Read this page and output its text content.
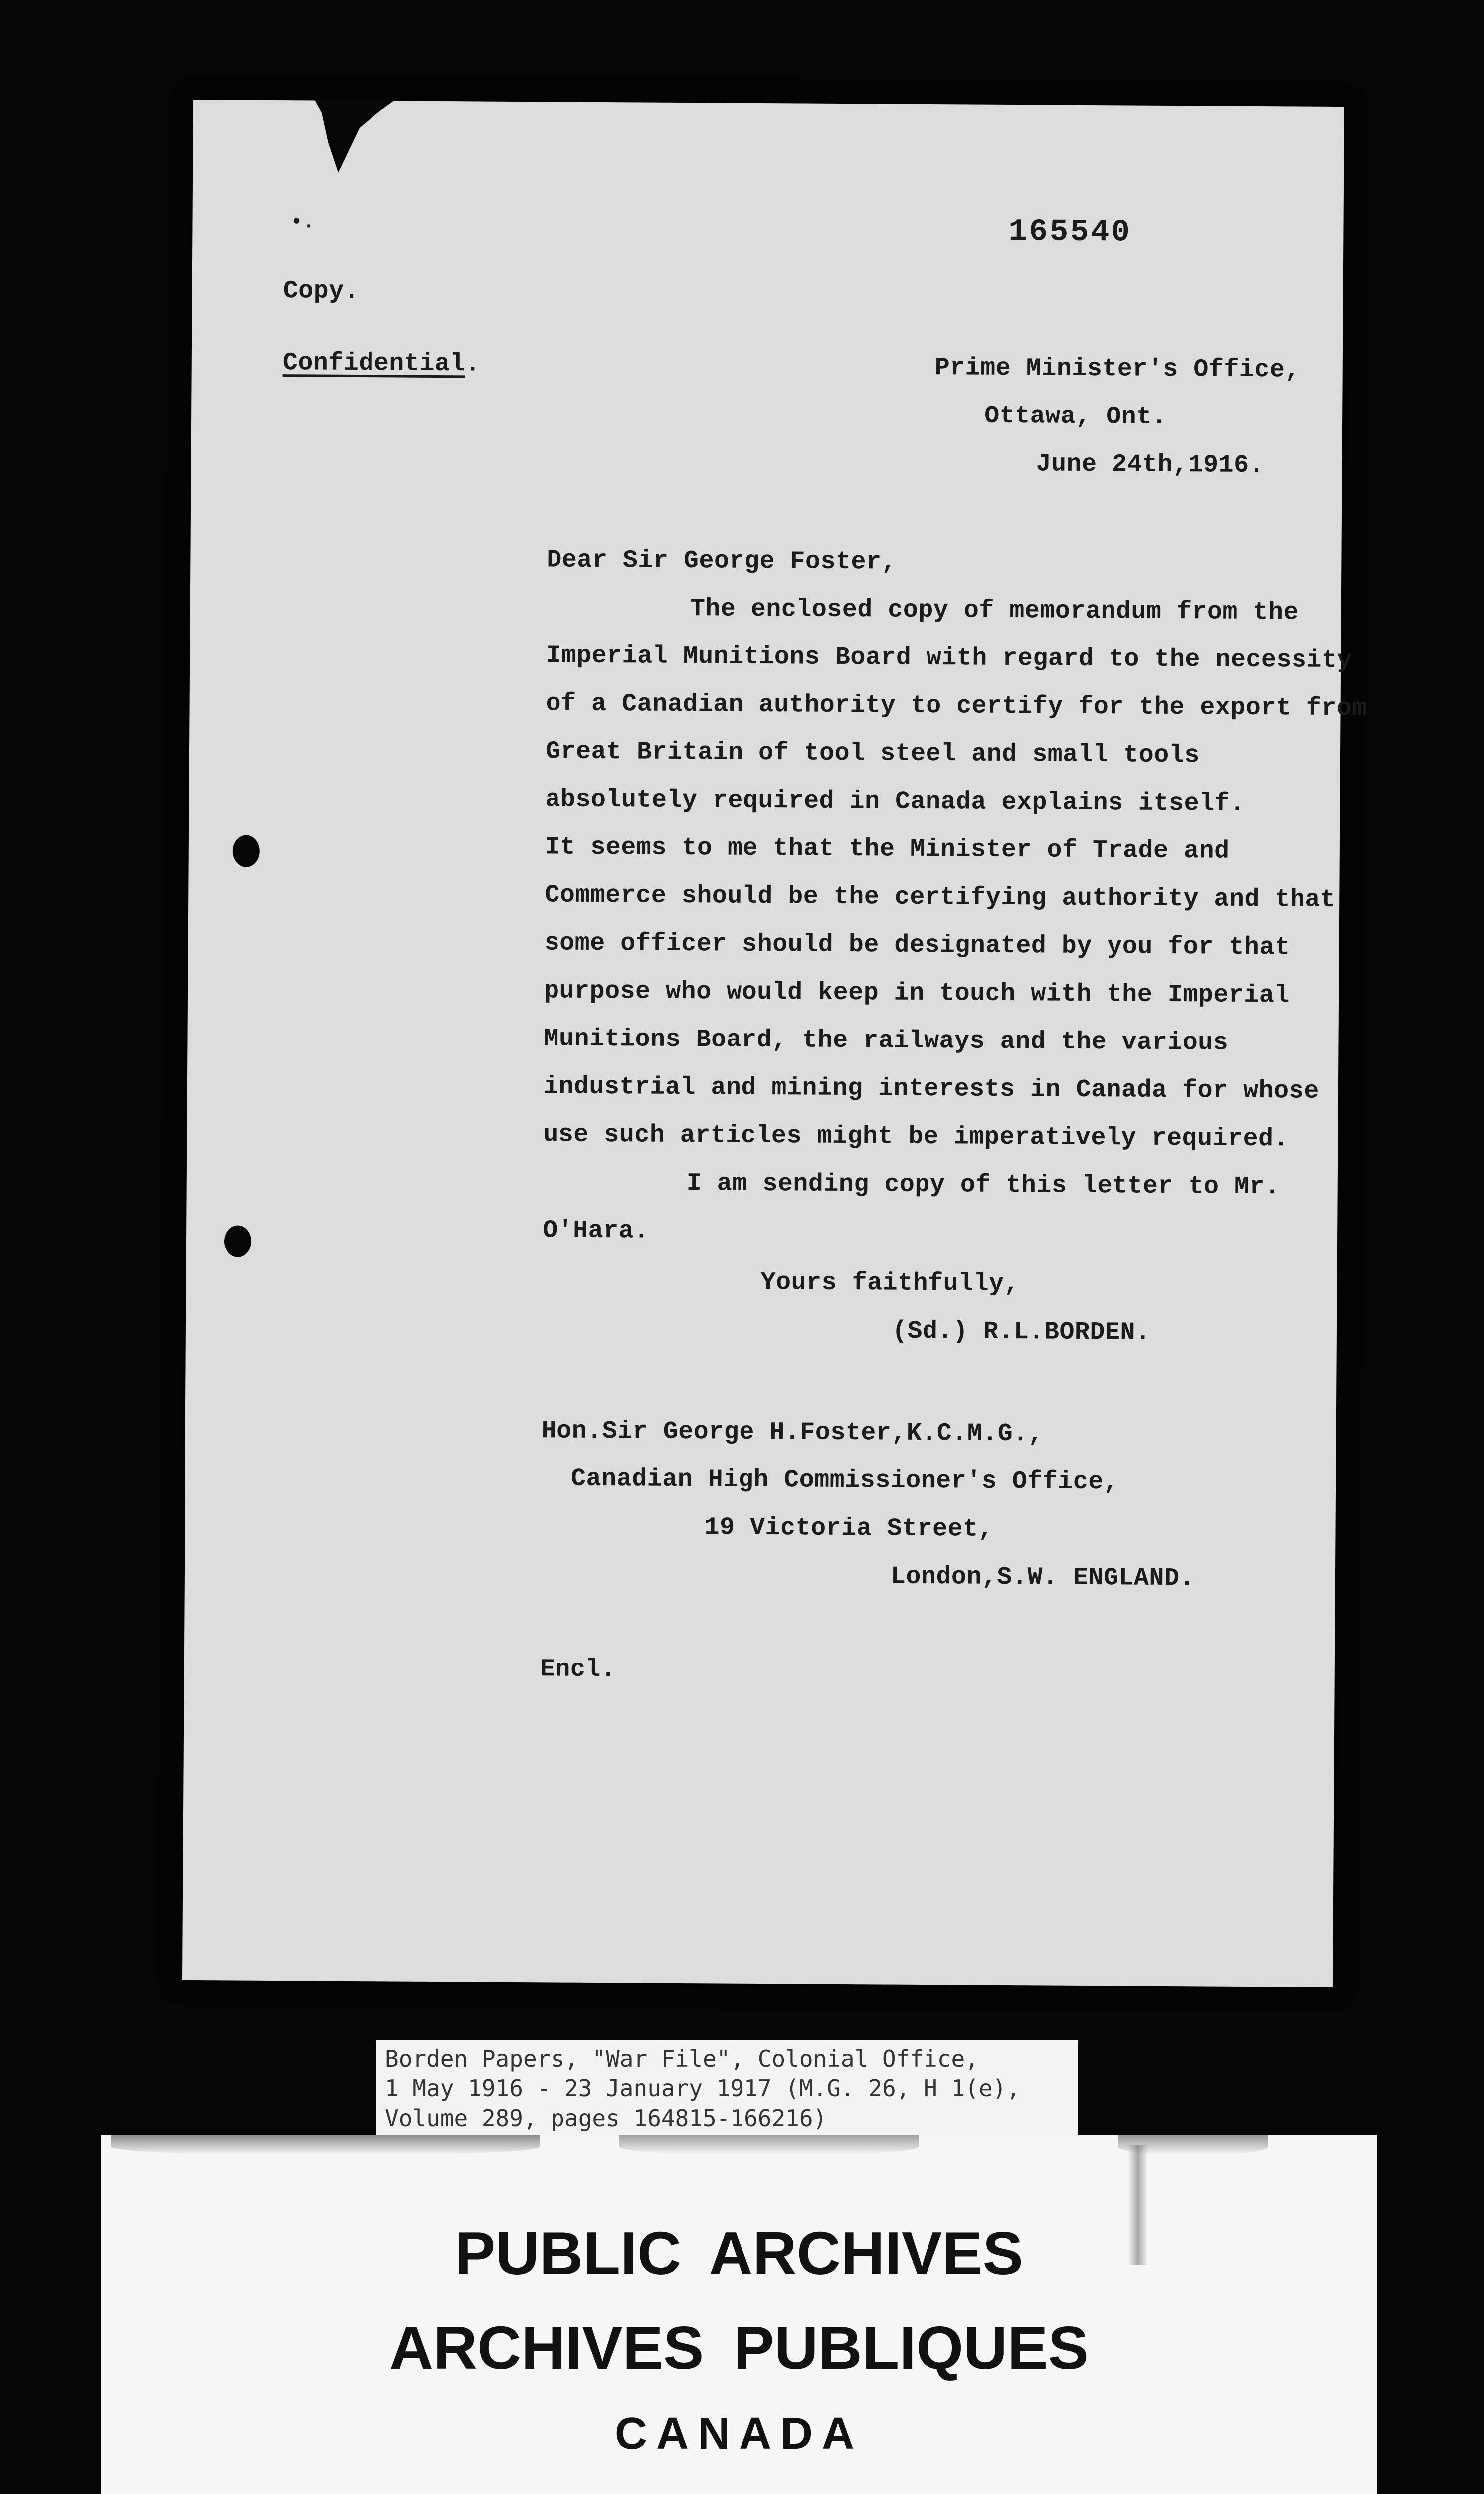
•.	165540
Copy.
Confidential.	Prime Minister's Office,
Ottawa, Ont.
June 24th,1916.
Dear Sir George Foster,
The enclosed copy of memorandum from the
Imperial Munitions Board with regard to the necessity
of a Canadian authority to certify for the export from
Great Britain of tool steel and small tools
absolutely required in Canada explains itself.
It seems to me that the Minister of Trade and
Commerce should be the certifying authority and that
some officer should be designated by you for that
purpose who would keep in touch with the Imperial
Munitions Board, the railways and the various
industrial and mining interests in Canada for whose
use such articles might be imperatively required.
I am sending copy of this letter to Mr.
O'Hara.
Yours faithfully,
(Sd.) R.L.BORDEN.
Hon.Sir George H.Foster,K.C.M.G.,
Canadian High Commissioner's Office,
19 Victoria Street,
London,S.W. ENGLAND.
Encl.
Borden Papers, "War File", Colonial Office,
1 May 1916 - 23 January 1917 (M.G. 26, H 1(e),
Volume 289, pages 164815-166216)
PUBLIC ARCHIVES
ARCHIVES PUBLIQUES
CANADA
